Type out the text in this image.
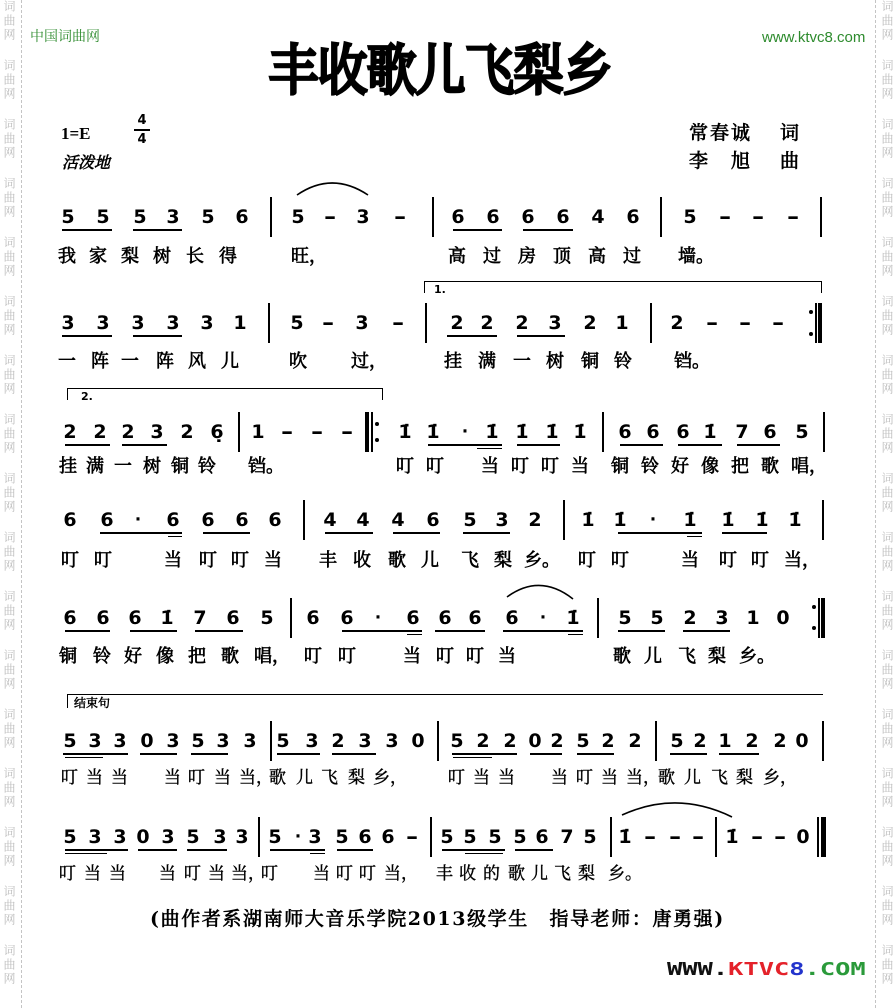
词曲网
词曲网
词曲网
词曲网
词曲网
词曲网
词曲网
词曲网
词曲网
词曲网
词曲网
词曲网
词曲网
词曲网
词曲网
词曲网
词曲网
词曲网
词曲网
词曲网
词曲网
词曲网
词曲网
词曲网
词曲网
词曲网
词曲网
词曲网
词曲网
词曲网
词曲网
词曲网
词曲网
词曲网
中国词曲网	www.ktvc8.com
丰收歌儿飞梨乡
1=E
4
4
活泼地
常春诚 词
李　旭 曲
1.
2.
结束句
5 5 5 3 5 6 5 - 3 - 6 6 6 6 4 6 5 - - -
我 家 梨 树 长 得	旺，	高 过 房 顶 高 过 墙。
3 3 3 3 3 1 5 - 3 - 2 2 2 3 2 1 2 - - -
一 阵 一 阵 风 儿	吹 过，	挂 满 一 树 铜 铃 铛。
2 2 2 3 2 6̣ 1 - - - 1̇ 1̇ · 1̇ 1̇ 1̇ 1̇ 6 6 6 1̇ 7 6 5
挂 满 一 树 铜 铃 铛。	叮 叮 当 叮 叮 当 铜 铃 好 像 把 歌 唱，
6 6 · 6 6 6 6 4 4 4 6 5 3 2 1̇ 1̇ · 1̇ 1̇ 1̇ 1̇
叮 叮	当 叮 叮 当 丰 收 歌 儿 飞 梨 乡。 叮 叮	当 叮 叮 当，
6 6 6 1̇ 7 6 5 6 6 · 6 6 6 6 · 1̇ 5 5 2 3 1 0
铜 铃 好 像 把 歌 唱， 叮 叮	当 叮 叮 当	歌 儿 飞 梨 乡。
5 3 3 0 3 5 3 3 5 3 2 3 3 0 5 2 2 0 2 5 2 2 5 2 1 2 2 0
叮 当 当 当 叮 当 当，
歌 儿 飞 梨 乡， 叮 当 当 当 叮 当 当，
歌 儿 飞 梨 乡，
5 3 3 0 3 5 3 3 5 · 3 5 6 6 - 5 5 5 5 6 7 5 1̇ - - - 1̇ - - 0
叮 当 当 当 叮 当 当，
叮 当 叮 叮 当， 丰 收 的 歌 儿 飞 梨 乡。
(曲作者系湖南师大音乐学院2013级学生　指导老师：唐勇强)
WWW.KTVC8.COM
